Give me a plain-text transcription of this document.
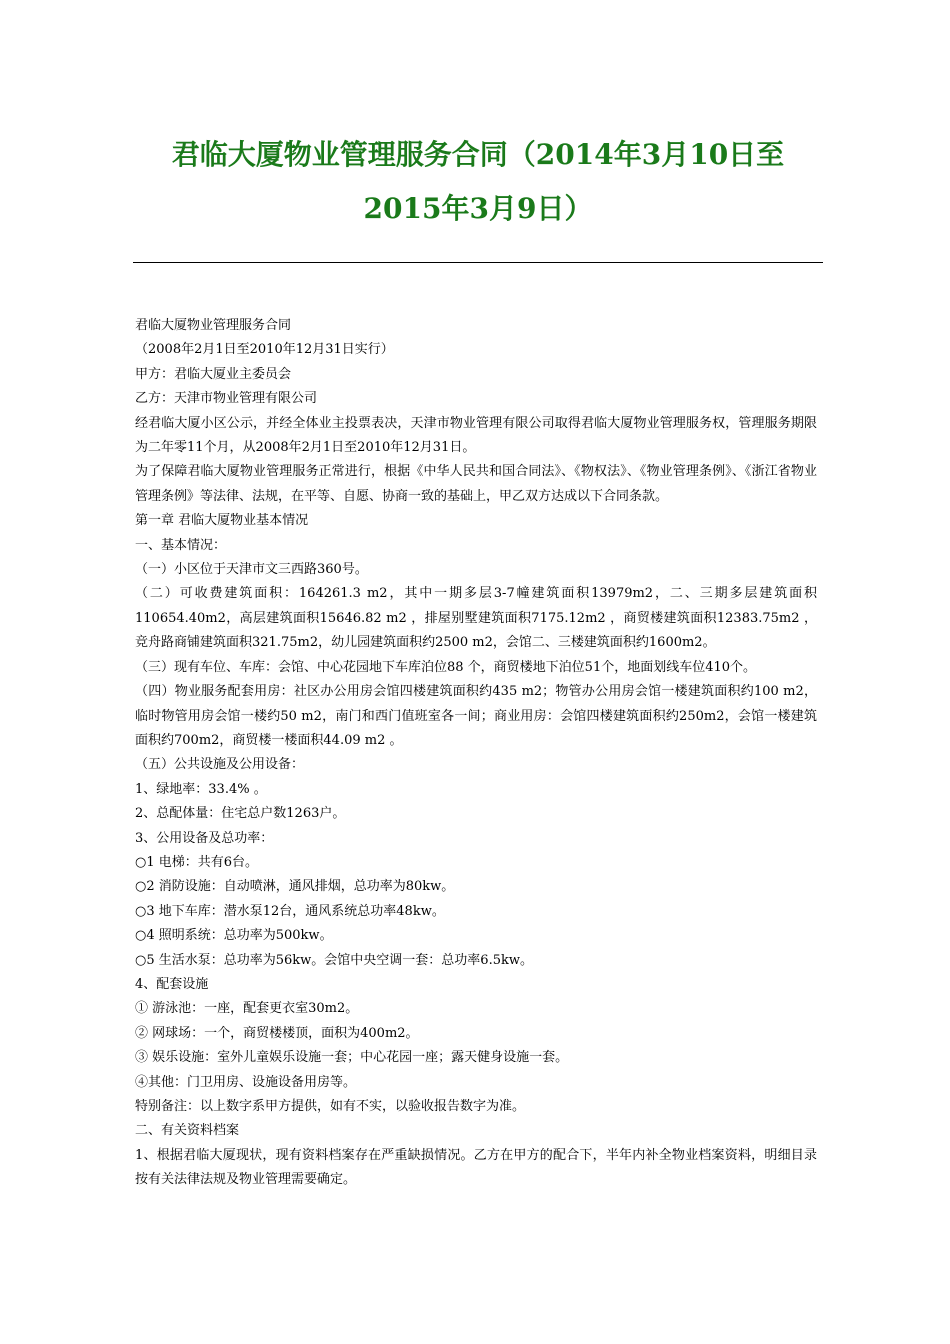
君临大厦物业管理服务合同（2014年3月10日至2015年3月9日）

君临大厦物业管理服务合同

（2008年2月1日至2010年12月31日实行）

甲方：君临大厦业主委员会

乙方：天津市物业管理有限公司

经君临大厦小区公示，并经全体业主投票表决，天津市物业管理有限公司取得君临大厦物业管理服务权，管理服务期限为二年零11个月，从2008年2月1日至2010年12月31日。

为了保障君临大厦物业管理服务正常进行，根据《中华人民共和国合同法》、《物权法》、《物业管理条例》、《浙江省物业管理条例》等法律、法规，在平等、自愿、协商一致的基础上，甲乙双方达成以下合同条款。

第一章 君临大厦物业基本情况

一、基本情况：

（一）小区位于天津市文三西路360号。

（二）可收费建筑面积：164261.3 m2，其中一期多层3-7幢建筑面积13979m2，二、三期多层建筑面积110654.40m2，高层建筑面积15646.82 m2 ，排屋别墅建筑面积7175.12m2 ，商贸楼建筑面积12383.75m2 ，竞舟路商铺建筑面积321.75m2，幼儿园建筑面积约2500 m2，会馆二、三楼建筑面积约1600m2。

（三）现有车位、车库：会馆、中心花园地下车库泊位88 个，商贸楼地下泊位51个，地面划线车位410个。

（四）物业服务配套用房：社区办公用房会馆四楼建筑面积约435 m2；物管办公用房会馆一楼建筑面积约100 m2，临时物管用房会馆一楼约50 m2，南门和西门值班室各一间；商业用房：会馆四楼建筑面积约250m2，会馆一楼建筑面积约700m2，商贸楼一楼面积44.09 m2 。

（五）公共设施及公用设备：

1、绿地率：33.4% 。

2、总配体量：住宅总户数1263户。

3、公用设备及总功率：

○1 电梯：共有6台。

○2 消防设施：自动喷淋，通风排烟，总功率为80kw。

○3 地下车库：潜水泵12台，通风系统总功率48kw。

○4 照明系统：总功率为500kw。

○5 生活水泵：总功率为56kw。会馆中央空调一套：总功率6.5kw。

4、配套设施

① 游泳池：一座，配套更衣室30m2。

② 网球场：一个，商贸楼楼顶，面积为400m2。

③ 娱乐设施：室外儿童娱乐设施一套；中心花园一座；露天健身设施一套。

④其他：门卫用房、设施设备用房等。

特别备注：以上数字系甲方提供，如有不实，以验收报告数字为准。

二、有关资料档案

1、根据君临大厦现状，现有资料档案存在严重缺损情况。乙方在甲方的配合下，半年内补全物业档案资料，明细目录按有关法律法规及物业管理需要确定。
